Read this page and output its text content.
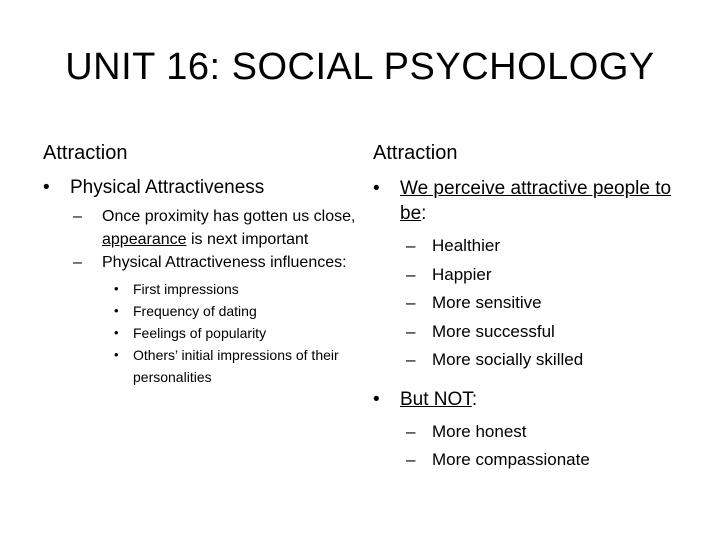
UNIT 16: SOCIAL PSYCHOLOGY
Attraction
• Physical Attractiveness
– Once proximity has gotten us close, appearance is next important
– Physical Attractiveness influences:
• First impressions
• Frequency of dating
• Feelings of popularity
• Others’ initial impressions of their personalities
Attraction
• We perceive attractive people to be:
– Healthier
– Happier
– More sensitive
– More successful
– More socially skilled
• But NOT:
– More honest
– More compassionate
